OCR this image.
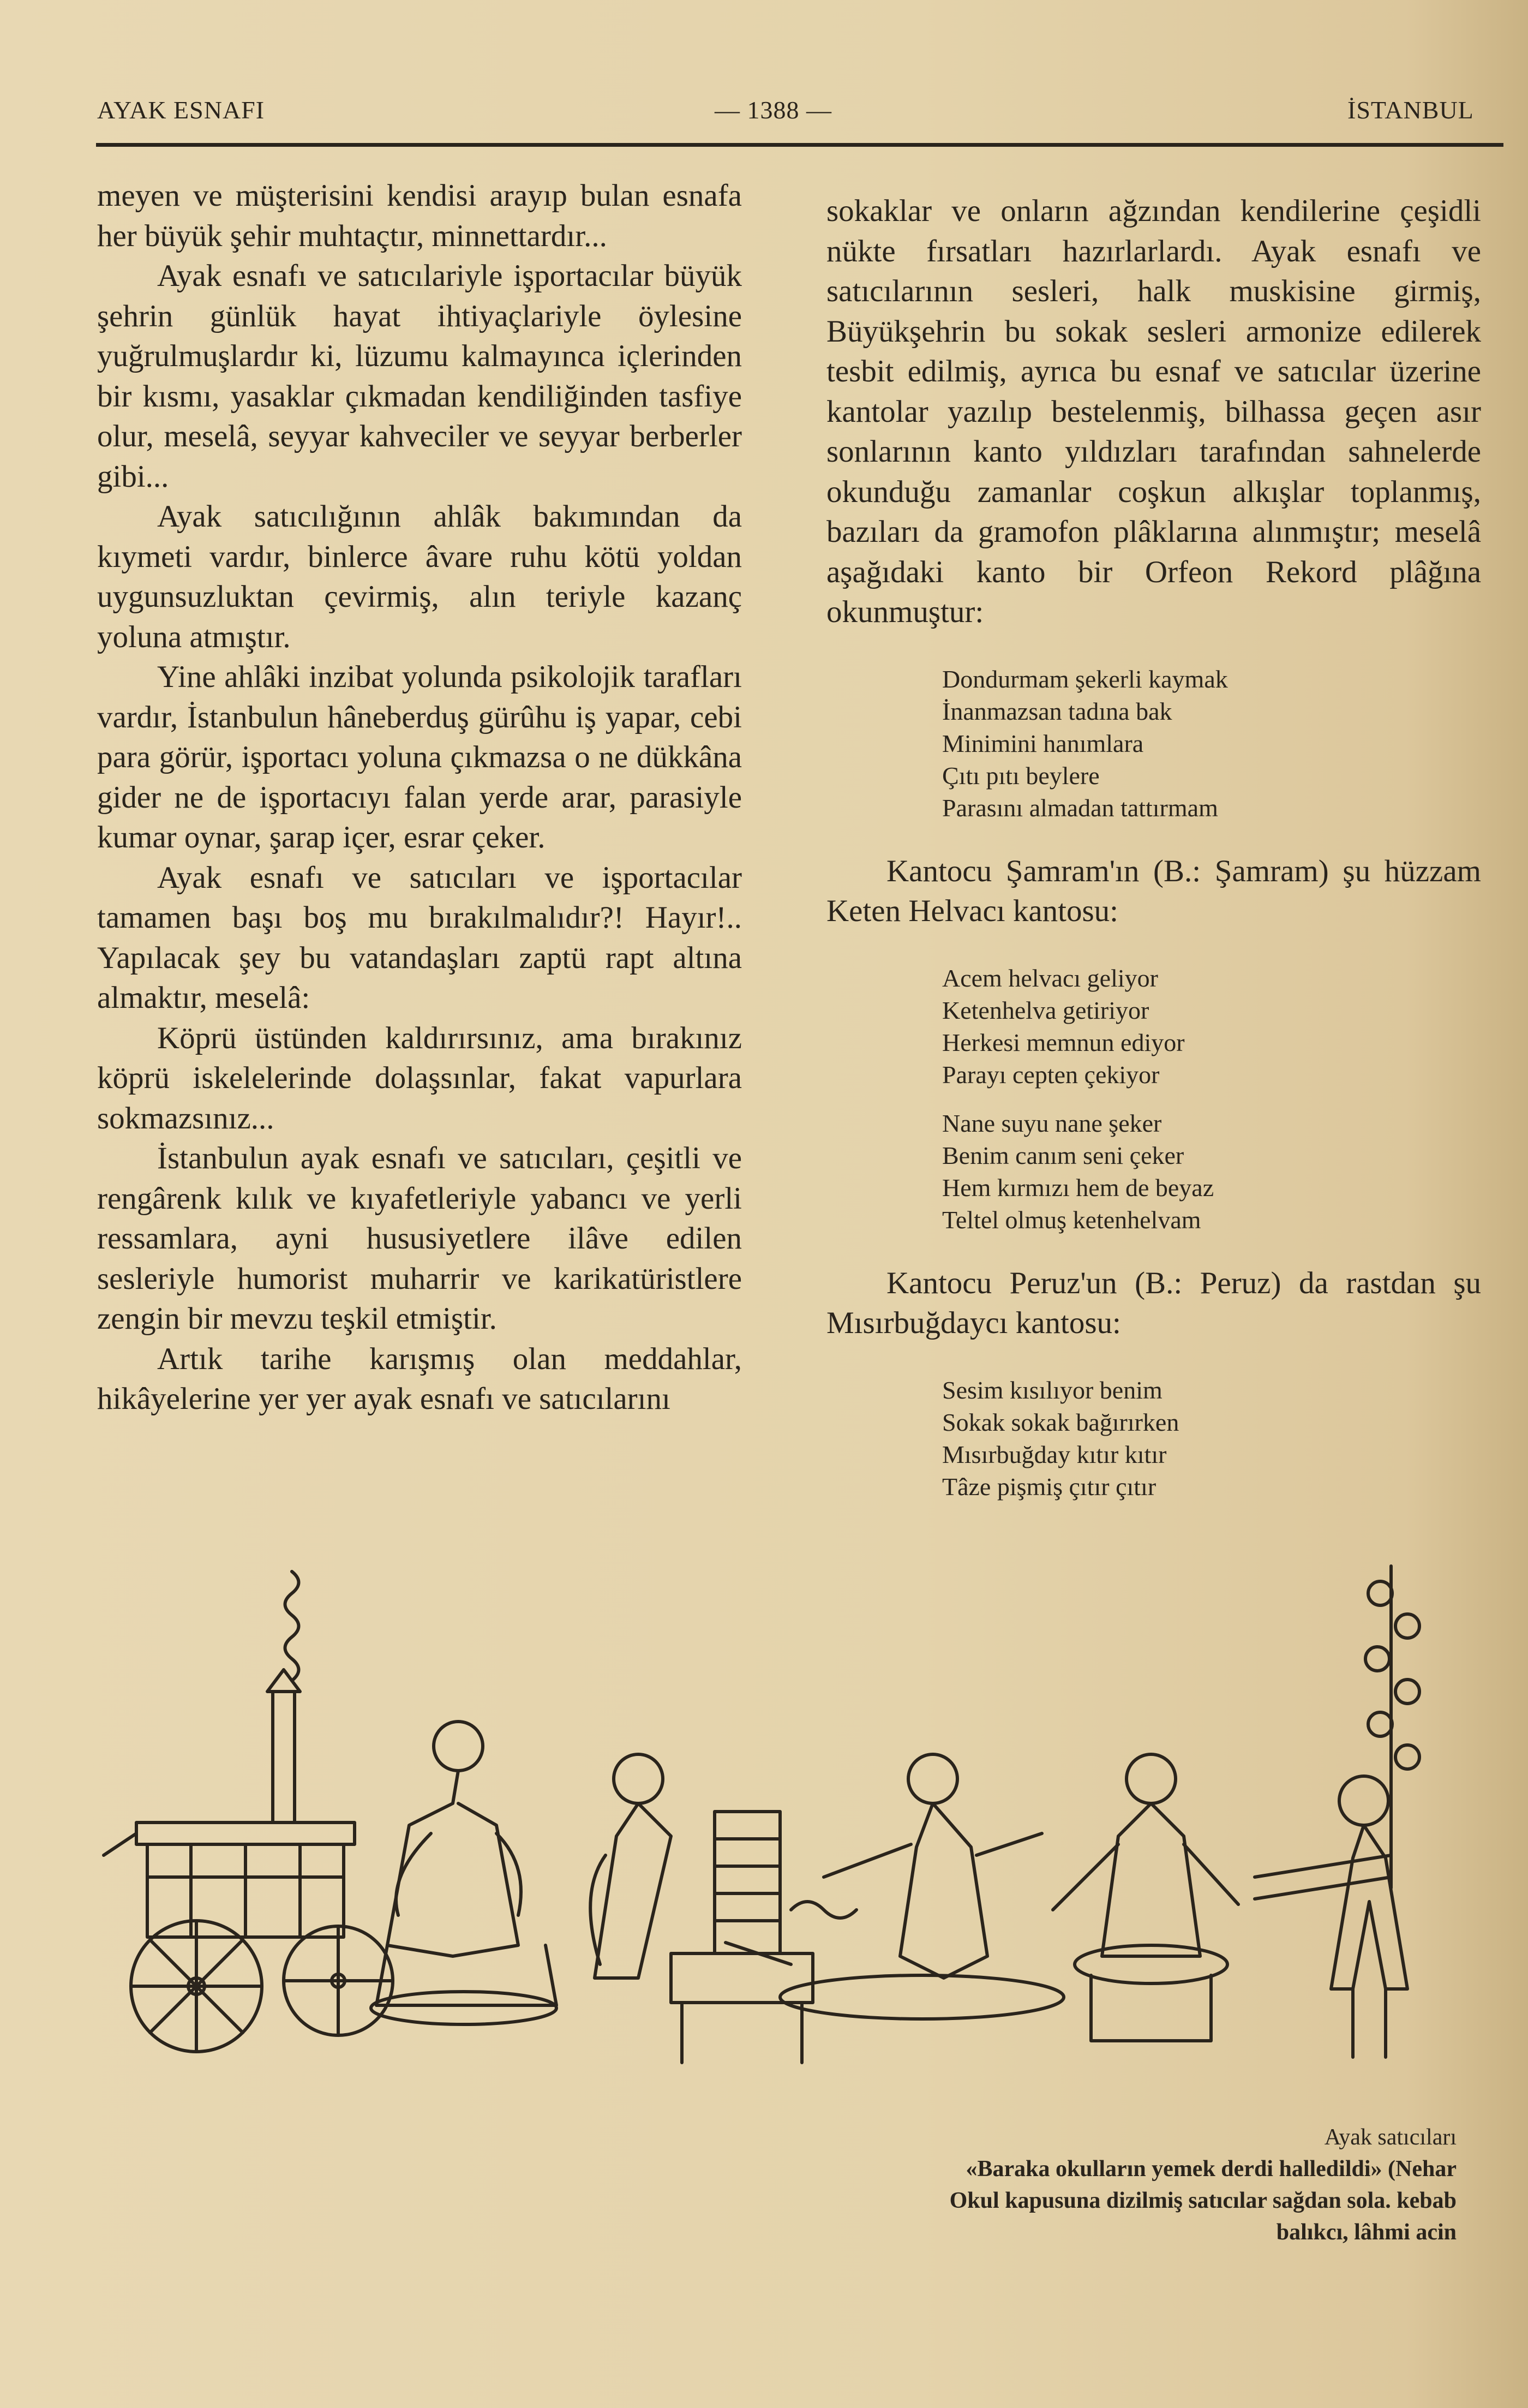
AYAK ESNAFI	— 1388 —	İSTANBUL

meyen ve müşterisini kendisi arayıp bulan esnafa her büyük şehir muhtaçtır, minnettardır...

Ayak esnafı ve satıcılariyle işportacılar büyük şehrin günlük hayat ihtiyaçlariyle öylesine yuğrulmuşlardır ki, lüzumu kalmayınca içlerinden bir kısmı, yasaklar çıkmadan kendiliğinden tasfiye olur, meselâ, seyyar kahveciler ve seyyar berberler gibi...

Ayak satıcılığının ahlâk bakımından da kıymeti vardır, binlerce âvare ruhu kötü yoldan uygunsuzluktan çevirmiş, alın teriyle kazanç yoluna atmıştır.

Yine ahlâki inzibat yolunda psikolojik tarafları vardır, İstanbulun hâneberduş gürûhu iş yapar, cebi para görür, işportacı yoluna çıkmazsa o ne dükkâna gider ne de işportacıyı falan yerde arar, parasiyle kumar oynar, şarap içer, esrar çeker.

Ayak esnafı ve satıcıları ve işportacılar tamamen başı boş mu bırakılmalıdır?! Hayır!.. Yapılacak şey bu vatandaşları zaptü rapt altına almaktır, meselâ:

Köprü üstünden kaldırırsınız, ama bırakınız köprü iskelelerinde dolaşsınlar, fakat vapurlara sokmazsınız...

İstanbulun ayak esnafı ve satıcıları, çeşitli ve rengârenk kılık ve kıyafetleriyle yabancı ve yerli ressamlara, ayni hususiyetlere ilâve edilen sesleriyle humorist muharrir ve karikatüristlere zengin bir mevzu teşkil etmiştir.

Artık tarihe karışmış olan meddahlar, hikâyelerine yer yer ayak esnafı ve satıcılarını

sokaklar ve onların ağzından kendilerine çeşidli nükte fırsatları hazırlarlardı. Ayak esnafı ve satıcılarının sesleri, halk muskisine girmiş, Büyükşehrin bu sokak sesleri armonize edilerek tesbit edilmiş, ayrıca bu esnaf ve satıcılar üzerine kantolar yazılıp bestelenmiş, bilhassa geçen asır sonlarının kanto yıldızları tarafından sahnelerde okunduğu zamanlar coşkun alkışlar toplanmış, bazıları da gramofon plâklarına alınmıştır; meselâ aşağıdaki kanto bir Orfeon Rekord plâğına okunmuştur:

Dondurmam şekerli kaymak
İnanmazsan tadına bak
Minimini hanımlara
Çıtı pıtı beylere
Parasını almadan tattırmam

Kantocu Şamram'ın (B.: Şamram) şu hüzzam Keten Helvacı kantosu:

Acem helvacı geliyor
Ketenhelva getiriyor
Herkesi memnun ediyor
Parayı cepten çekiyor
Nane suyu nane şeker
Benim canım seni çeker
Hem kırmızı hem de beyaz
Teltel olmuş ketenhelvam

Kantocu Peruz'un (B.: Peruz) da rastdan şu Mısırbuğdaycı kantosu:

Sesim kısılıyor benim
Sokak sokak bağırırken
Mısırbuğday kıtır kıtır
Tâze pişmiş çıtır çıtır
Ayak satıcıları
«Baraka okulların yemek derdi halledildi» (Nehar
Okul kapusuna dizilmiş satıcılar sağdan sola. kebab
balıkcı, lâhmi acin
